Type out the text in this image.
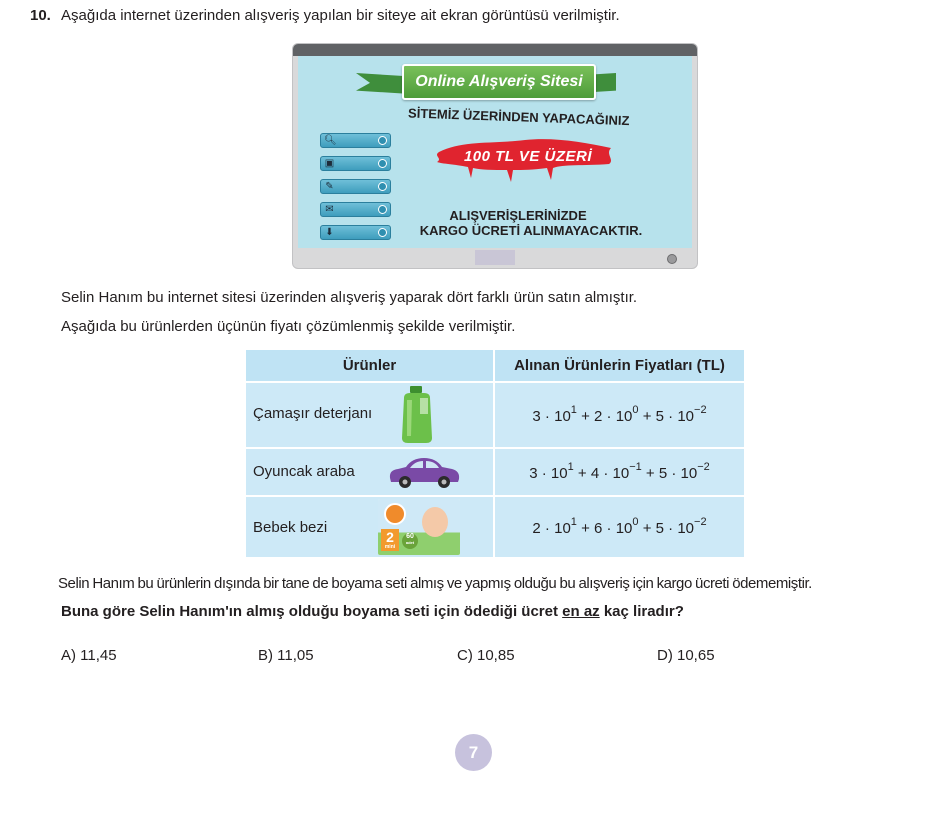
10. Aşağıda internet üzerinden alışveriş yapılan bir siteye ait ekran görüntüsü verilmiştir.
Online Alışveriş Sitesi
SİTEMİZ ÜZERİNDEN YAPACAĞINIZ
100 TL VE ÜZERİ
ALIŞVERİŞLERİNİZDE
KARGO ÜCRETİ ALINMAYACAKTIR.
🔍︎
▣
✎
✉
⬇
Selin Hanım bu internet sitesi üzerinden alışveriş yaparak dört farklı ürün satın almıştır.
Aşağıda bu ürünlerden üçünün fiyatı çözümlenmiş şekilde verilmiştir.
Ürünler	Alınan Ürünlerin Fiyatları (TL)

Çamaşır deterjanı	$3 \cdot 10^1 + 2 \cdot 10^0 + 5 \cdot 10^{-2}$

Oyuncak araba	$3 \cdot 10^1 + 4 \cdot 10^{-1} + 5 \cdot 10^{-2}$

Bebek bezi
2
mini
60
adet	$2 \cdot 10^1 + 6 \cdot 10^0 + 5 \cdot 10^{-2}$
Selin Hanım bu ürünlerin dışında bir tane de boyama seti almış ve yapmış olduğu bu alışveriş için kargo ücreti ödememiştir.
Buna göre Selin Hanım'ın almış olduğu boyama seti için ödediği ücret en az kaç liradır?
A) 11,45	B) 11,05	C) 10,85	D) 10,65
7
